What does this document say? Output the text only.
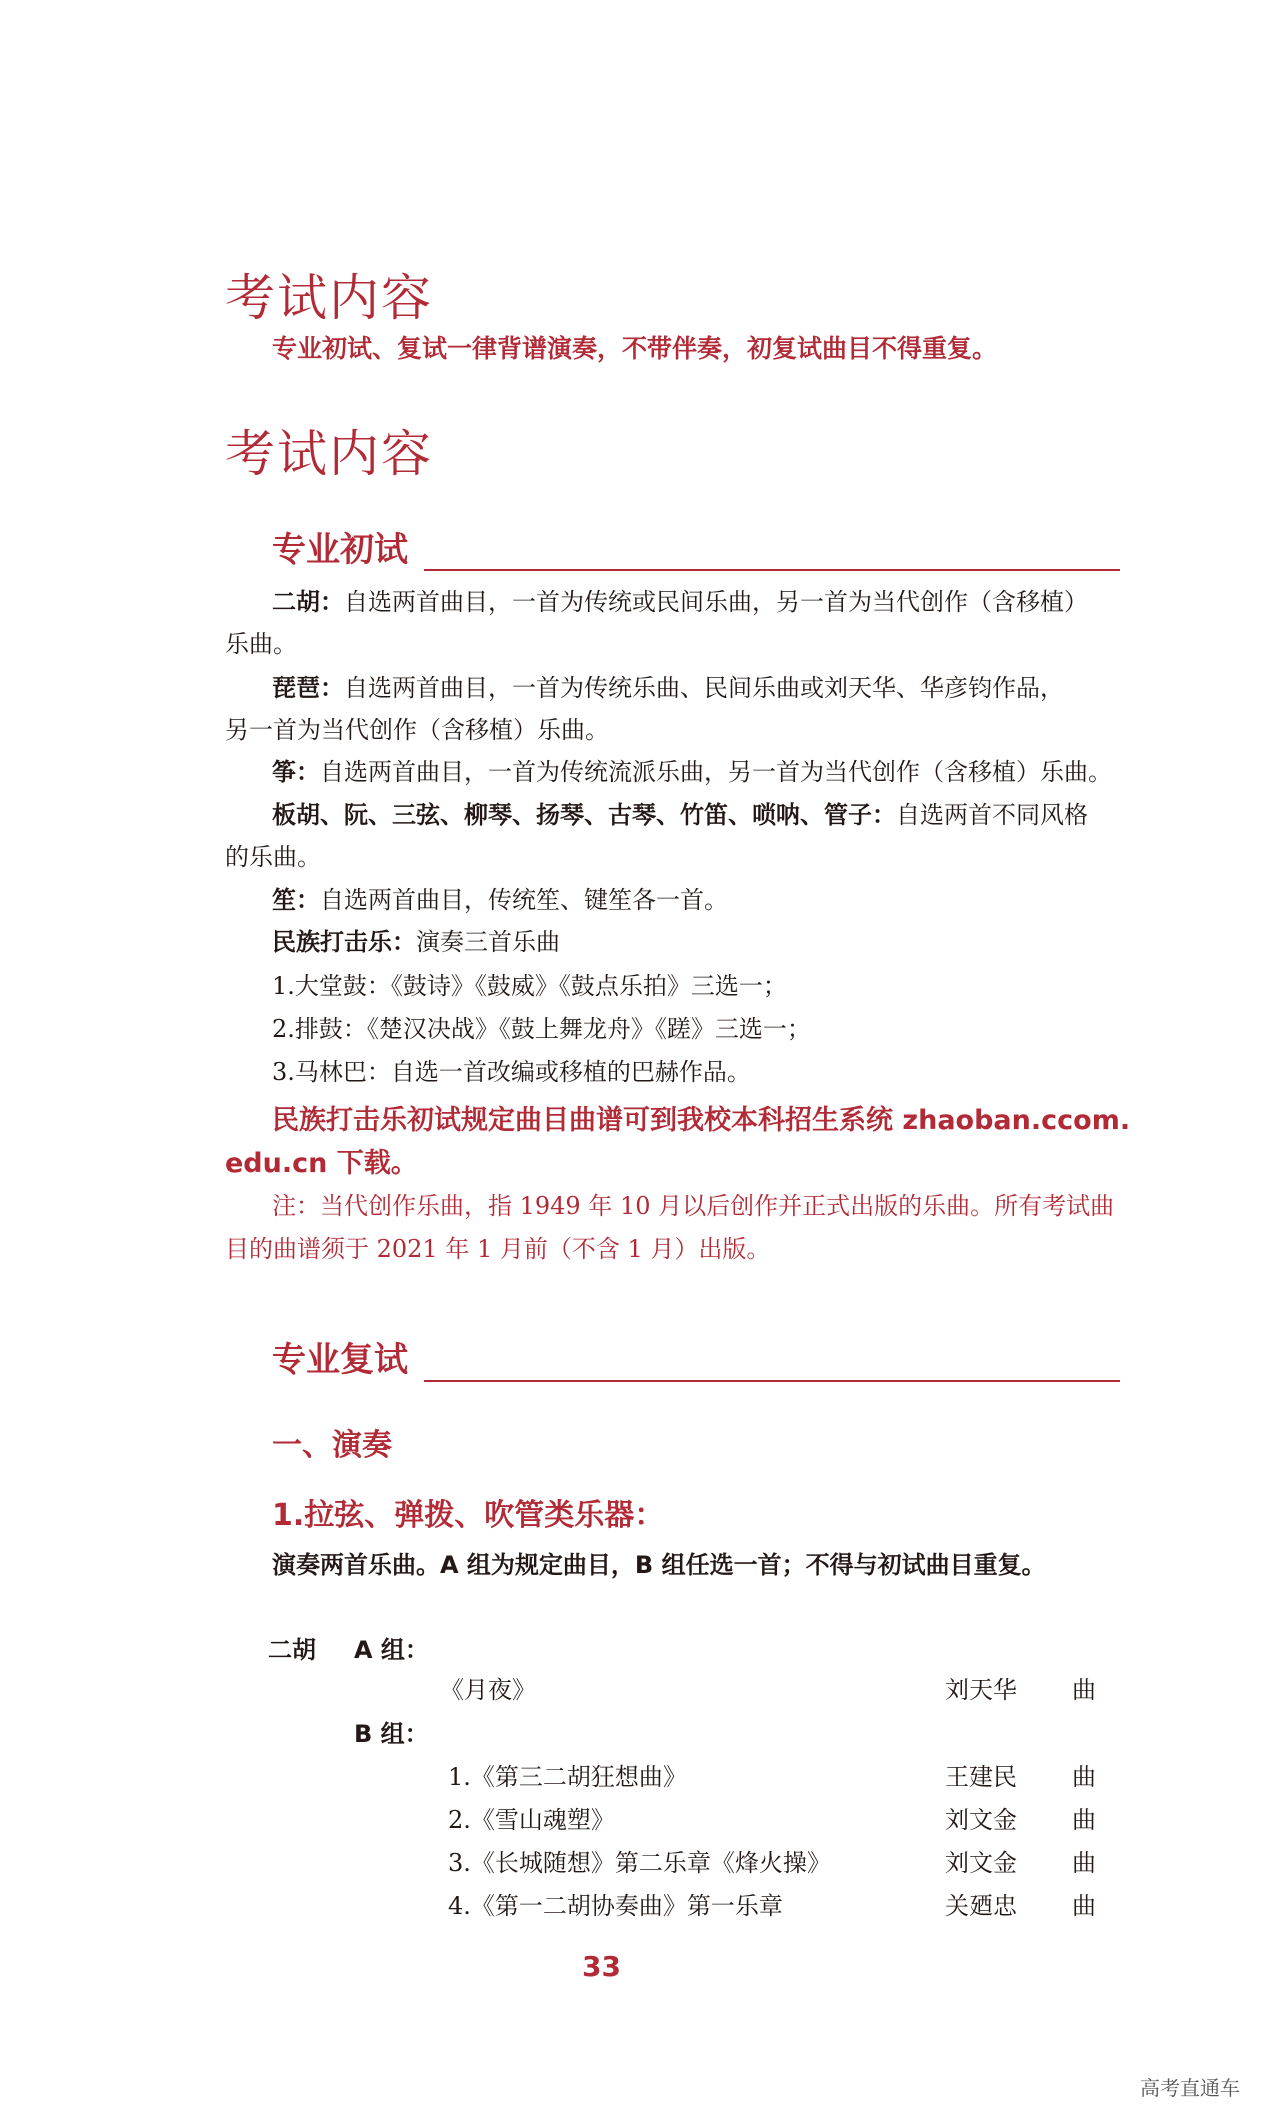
考试内容
专业初试、复试一律背谱演奏，不带伴奏，初复试曲目不得重复。
考试内容
专业初试
二胡：自选两首曲目，一首为传统或民间乐曲，另一首为当代创作（含移植）
乐曲。
琵琶：自选两首曲目，一首为传统乐曲、民间乐曲或刘天华、华彦钧作品，
另一首为当代创作（含移植）乐曲。
筝：自选两首曲目，一首为传统流派乐曲，另一首为当代创作（含移植）乐曲。
板胡、阮、三弦、柳琴、扬琴、古琴、竹笛、唢呐、管子：自选两首不同风格
的乐曲。
笙：自选两首曲目，传统笙、键笙各一首。
民族打击乐：演奏三首乐曲
1.大堂鼓：《鼓诗》《鼓威》《鼓点乐拍》三选一；
2.排鼓：《楚汉决战》《鼓上舞龙舟》《蹉》三选一；
3.马林巴：自选一首改编或移植的巴赫作品。
民族打击乐初试规定曲目曲谱可到我校本科招生系统 zhaoban.ccom.
edu.cn 下载。
注：当代创作乐曲，指 1949 年 10 月以后创作并正式出版的乐曲。所有考试曲
目的曲谱须于 2021 年 1 月前（不含 1 月）出版。
专业复试
一、演奏
1.拉弦、弹拨、吹管类乐器：
演奏两首乐曲。A 组为规定曲目，B 组任选一首；不得与初试曲目重复。
二胡 A 组：
《月夜》	刘天华 曲
B 组：
1.《第三二胡狂想曲》	王建民 曲
2.《雪山魂塑》	刘文金 曲
3.《长城随想》第二乐章《烽火操》	刘文金 曲
4.《第一二胡协奏曲》第一乐章	关廼忠 曲
33
高考直通车
